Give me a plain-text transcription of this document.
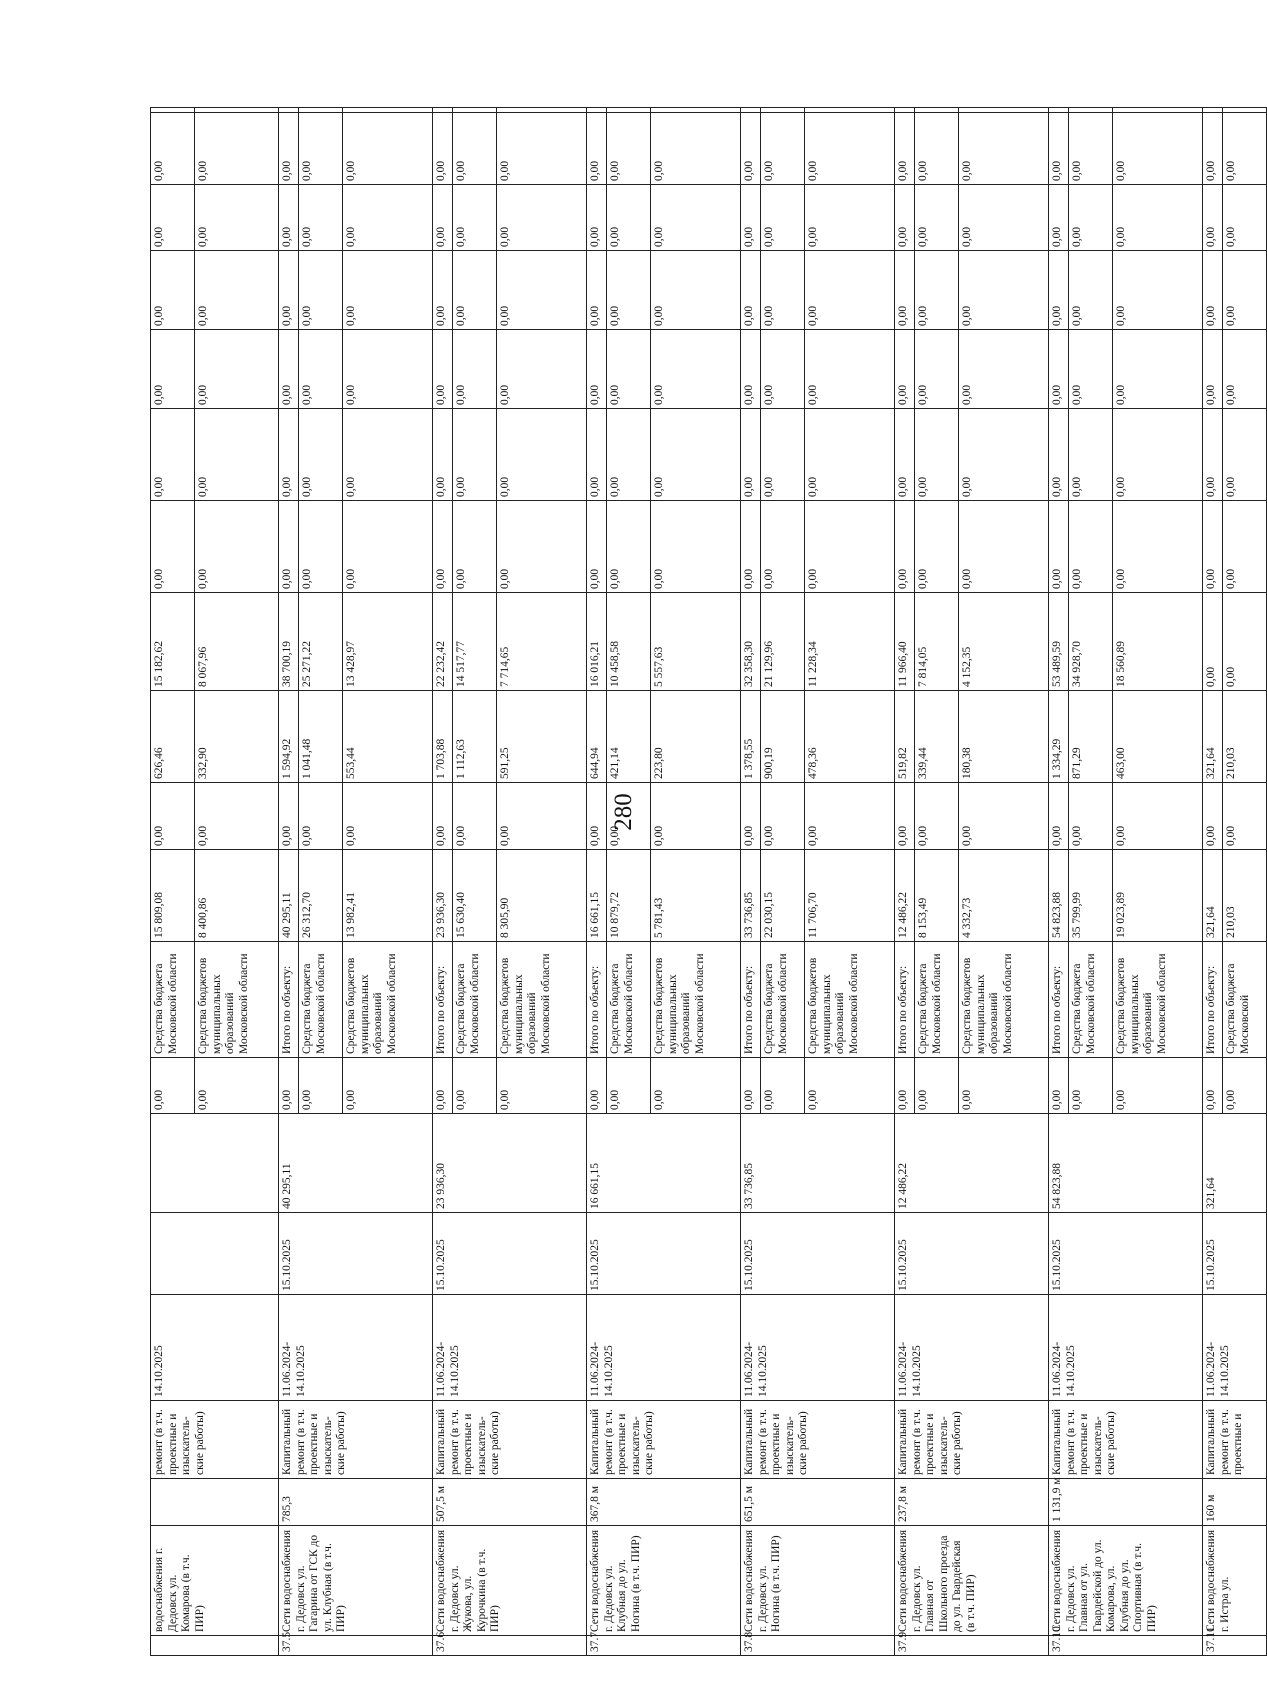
280
	водоснабжения г. Дедовск ул. Комарова (в т.ч. ПИР)		ремонт (в т.ч. проектные и изыскатель-ские работы)	14.10.2025			0,00	Средства бюджета Московской области	15 809,08	0,00	626,46	15 182,62	0,00	0,00	0,00	0,00	0,00	0,00	
							0,00	Средства бюджетов муниципальных образований Московской области	8 400,86	0,00	332,90	8 067,96	0,00	0,00	0,00	0,00	0,00	0,00	
37.5	Сети водоснабжения г. Дедовск ул. Гагарина от ГСК до ул. Клубная (в т.ч. ПИР)	785,3	Капитальный ремонт (в т.ч. проектные и изыскатель-ские работы)	11.06.2024-14.10.2025	15.10.2025	40 295,11	0,00	Итого по объекту:	40 295,11	0,00	1 594,92	38 700,19	0,00	0,00	0,00	0,00	0,00	0,00	
							0,00	Средства бюджета Московской области	26 312,70	0,00	1 041,48	25 271,22	0,00	0,00	0,00	0,00	0,00	0,00	
							0,00	Средства бюджетов муниципальных образований Московской области	13 982,41	0,00	553,44	13 428,97	0,00	0,00	0,00	0,00	0,00	0,00	
37.6	Сети водоснабжения г. Дедовск ул. Жукова, ул. Курочкина (в т.ч. ПИР)	507,5 м	Капитальный ремонт (в т.ч. проектные и изыскатель-ские работы)	11.06.2024-14.10.2025	15.10.2025	23 936,30	0,00	Итого по объекту:	23 936,30	0,00	1 703,88	22 232,42	0,00	0,00	0,00	0,00	0,00	0,00	
							0,00	Средства бюджета Московской области	15 630,40	0,00	1 112,63	14 517,77	0,00	0,00	0,00	0,00	0,00	0,00	
							0,00	Средства бюджетов муниципальных образований Московской области	8 305,90	0,00	591,25	7 714,65	0,00	0,00	0,00	0,00	0,00	0,00	
37.7	Сети водоснабжения г. Дедовск ул. Клубная до ул. Ногина (в т.ч. ПИР)	367,8 м	Капитальный ремонт (в т.ч. проектные и изыскатель-ские работы)	11.06.2024-14.10.2025	15.10.2025	16 661,15	0,00	Итого по объекту:	16 661,15	0,00	644,94	16 016,21	0,00	0,00	0,00	0,00	0,00	0,00	
							0,00	Средства бюджета Московской области	10 879,72	0,00	421,14	10 458,58	0,00	0,00	0,00	0,00	0,00	0,00	
							0,00	Средства бюджетов муниципальных образований Московской области	5 781,43	0,00	223,80	5 557,63	0,00	0,00	0,00	0,00	0,00	0,00	
37.8	Сети водоснабжения г. Дедовск ул. Ногина (в т.ч. ПИР)	651,5 м	Капитальный ремонт (в т.ч. проектные и изыскатель-ские работы)	11.06.2024-14.10.2025	15.10.2025	33 736,85	0,00	Итого по объекту:	33 736,85	0,00	1 378,55	32 358,30	0,00	0,00	0,00	0,00	0,00	0,00	
							0,00	Средства бюджета Московской области	22 030,15	0,00	900,19	21 129,96	0,00	0,00	0,00	0,00	0,00	0,00	
							0,00	Средства бюджетов муниципальных образований Московской области	11 706,70	0,00	478,36	11 228,34	0,00	0,00	0,00	0,00	0,00	0,00	
37.9	Сети водоснабжения г. Дедовск ул. Главная от Школьного проезда до ул. Гвардейская (в т.ч. ПИР)	237,8 м	Капитальный ремонт (в т.ч. проектные и изыскатель-ские работы)	11.06.2024-14.10.2025	15.10.2025	12 486,22	0,00	Итого по объекту:	12 486,22	0,00	519,82	11 966,40	0,00	0,00	0,00	0,00	0,00	0,00	
							0,00	Средства бюджета Московской области	8 153,49	0,00	339,44	7 814,05	0,00	0,00	0,00	0,00	0,00	0,00	
							0,00	Средства бюджетов муниципальных образований Московской области	4 332,73	0,00	180,38	4 152,35	0,00	0,00	0,00	0,00	0,00	0,00	
37.10	Сети водоснабжения г. Дедовск ул. Главная от ул. Гвардейской до ул. Комарова, ул. Клубная до ул. Спортивная (в т.ч. ПИР)	1 131,9 м	Капитальный ремонт (в т.ч. проектные и изыскатель-ские работы)	11.06.2024-14.10.2025	15.10.2025	54 823,88	0,00	Итого по объекту:	54 823,88	0,00	1 334,29	53 489,59	0,00	0,00	0,00	0,00	0,00	0,00	
							0,00	Средства бюджета Московской области	35 799,99	0,00	871,29	34 928,70	0,00	0,00	0,00	0,00	0,00	0,00	
							0,00	Средства бюджетов муниципальных образований Московской области	19 023,89	0,00	463,00	18 560,89	0,00	0,00	0,00	0,00	0,00	0,00	
37.11	Сети водоснабжения г. Истра ул.	160 м	Капитальный ремонт (в т.ч. проектные и	11.06.2024-14.10.2025	15.10.2025	321,64	0,00	Итого по объекту:	321,64	0,00	321,64	0,00	0,00	0,00	0,00	0,00	0,00	0,00	
							0,00	Средства бюджета Московской	210,03	0,00	210,03	0,00	0,00	0,00	0,00	0,00	0,00	0,00	
